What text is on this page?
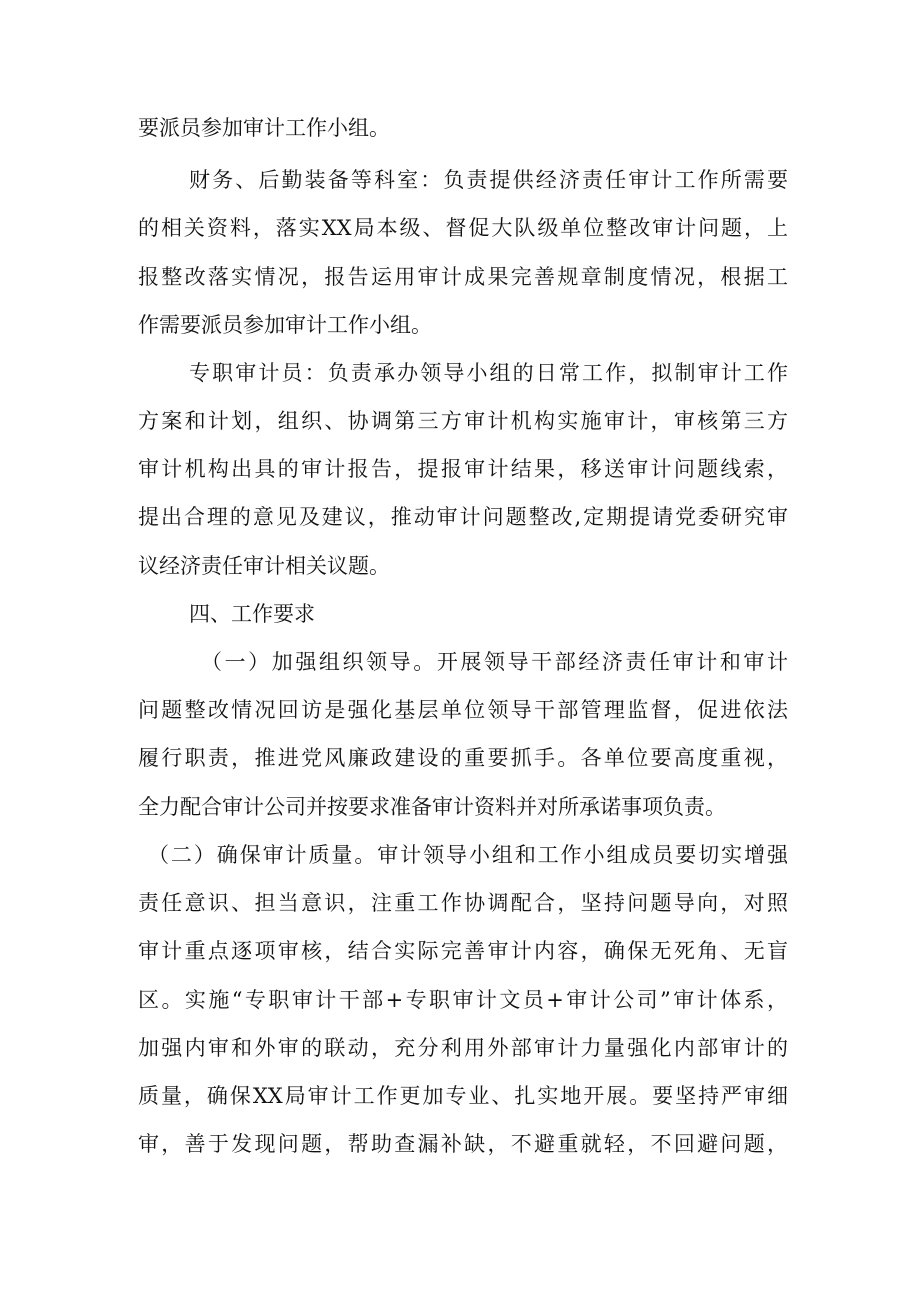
要派员参加审计工作小组。
财务、后勤装备等科室：负责提供经济责任审计工作所需要
的相关资料，落实XX局本级、督促大队级单位整改审计问题，上
报整改落实情况，报告运用审计成果完善规章制度情况，根据工
作需要派员参加审计工作小组。
专职审计员：负责承办领导小组的日常工作，拟制审计工作
方案和计划，组织、协调第三方审计机构实施审计，审核第三方
审计机构出具的审计报告，提报审计结果，移送审计问题线索，
提出合理的意见及建议，推动审计问题整改,定期提请党委研究审
议经济责任审计相关议题。
四、工作要求
（一）加强组织领导。开展领导干部经济责任审计和审计
问题整改情况回访是强化基层单位领导干部管理监督，促进依法
履行职责，推进党风廉政建设的重要抓手。各单位要高度重视，
全力配合审计公司并按要求准备审计资料并对所承诺事项负责。
（二）确保审计质量。审计领导小组和工作小组成员要切实增强
责任意识、担当意识，注重工作协调配合，坚持问题导向，对照
审计重点逐项审核，结合实际完善审计内容，确保无死角、无盲
区。实施“专职审计干部+专职审计文员+审计公司”审计体系，
加强内审和外审的联动，充分利用外部审计力量强化内部审计的
质量，确保XX局审计工作更加专业、扎实地开展。要坚持严审细
审，善于发现问题，帮助查漏补缺，不避重就轻，不回避问题，
